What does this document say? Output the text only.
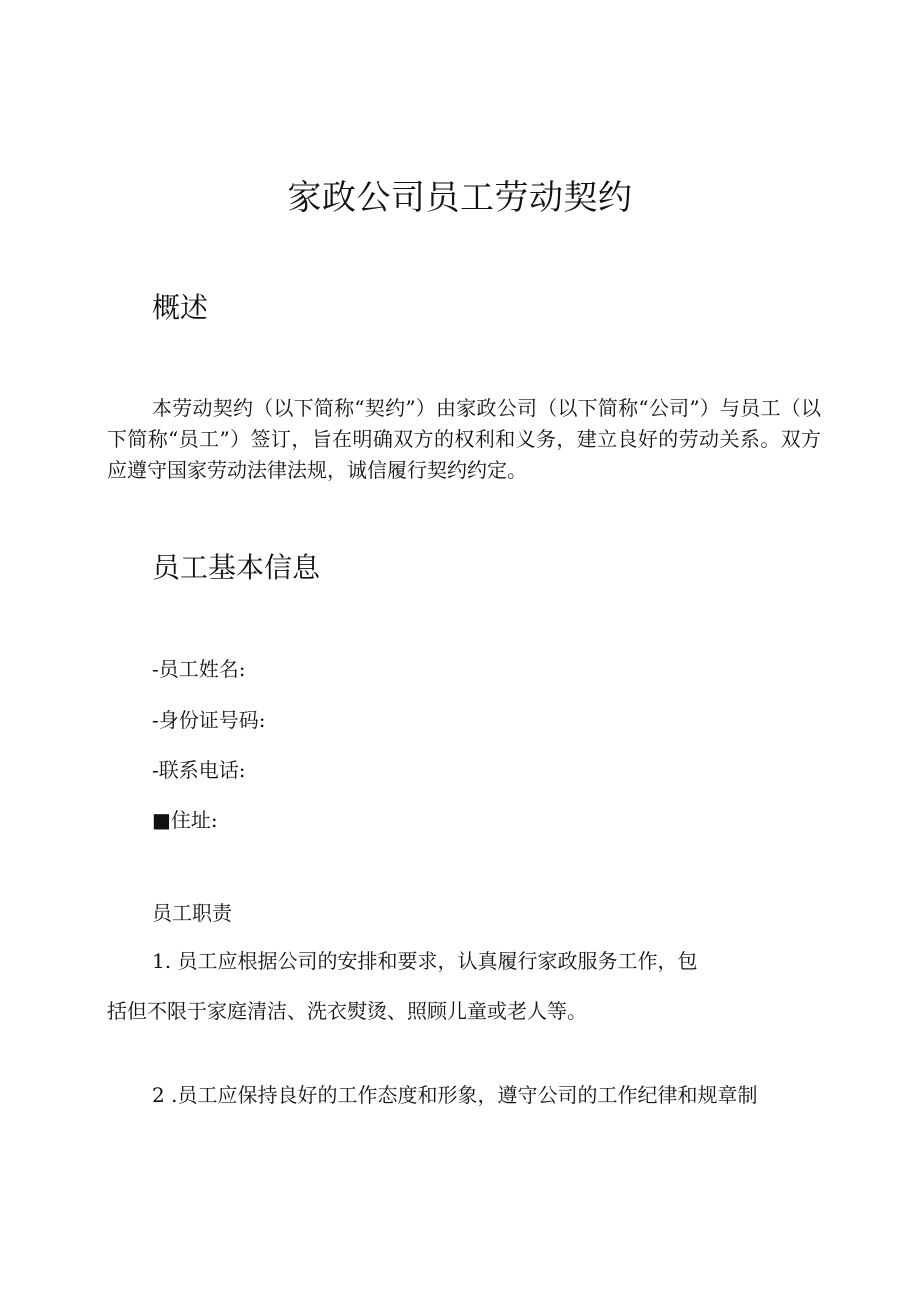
家政公司员工劳动契约
概述

本劳动契约（以下简称“契约”）由家政公司（以下简称“公司”）与员工（以下简称“员工”）签订，旨在明确双方的权利和义务，建立良好的劳动关系。双方应遵守国家劳动法律法规，诚信履行契约约定。

员工基本信息
-员工姓名:
-身份证号码:
-联系电话:
■住址:
员工职责
1. 员工应根据公司的安排和要求，认真履行家政服务工作，包
括但不限于家庭清洁、洗衣熨烫、照顾儿童或老人等。
2 .员工应保持良好的工作态度和形象，遵守公司的工作纪律和规章制
